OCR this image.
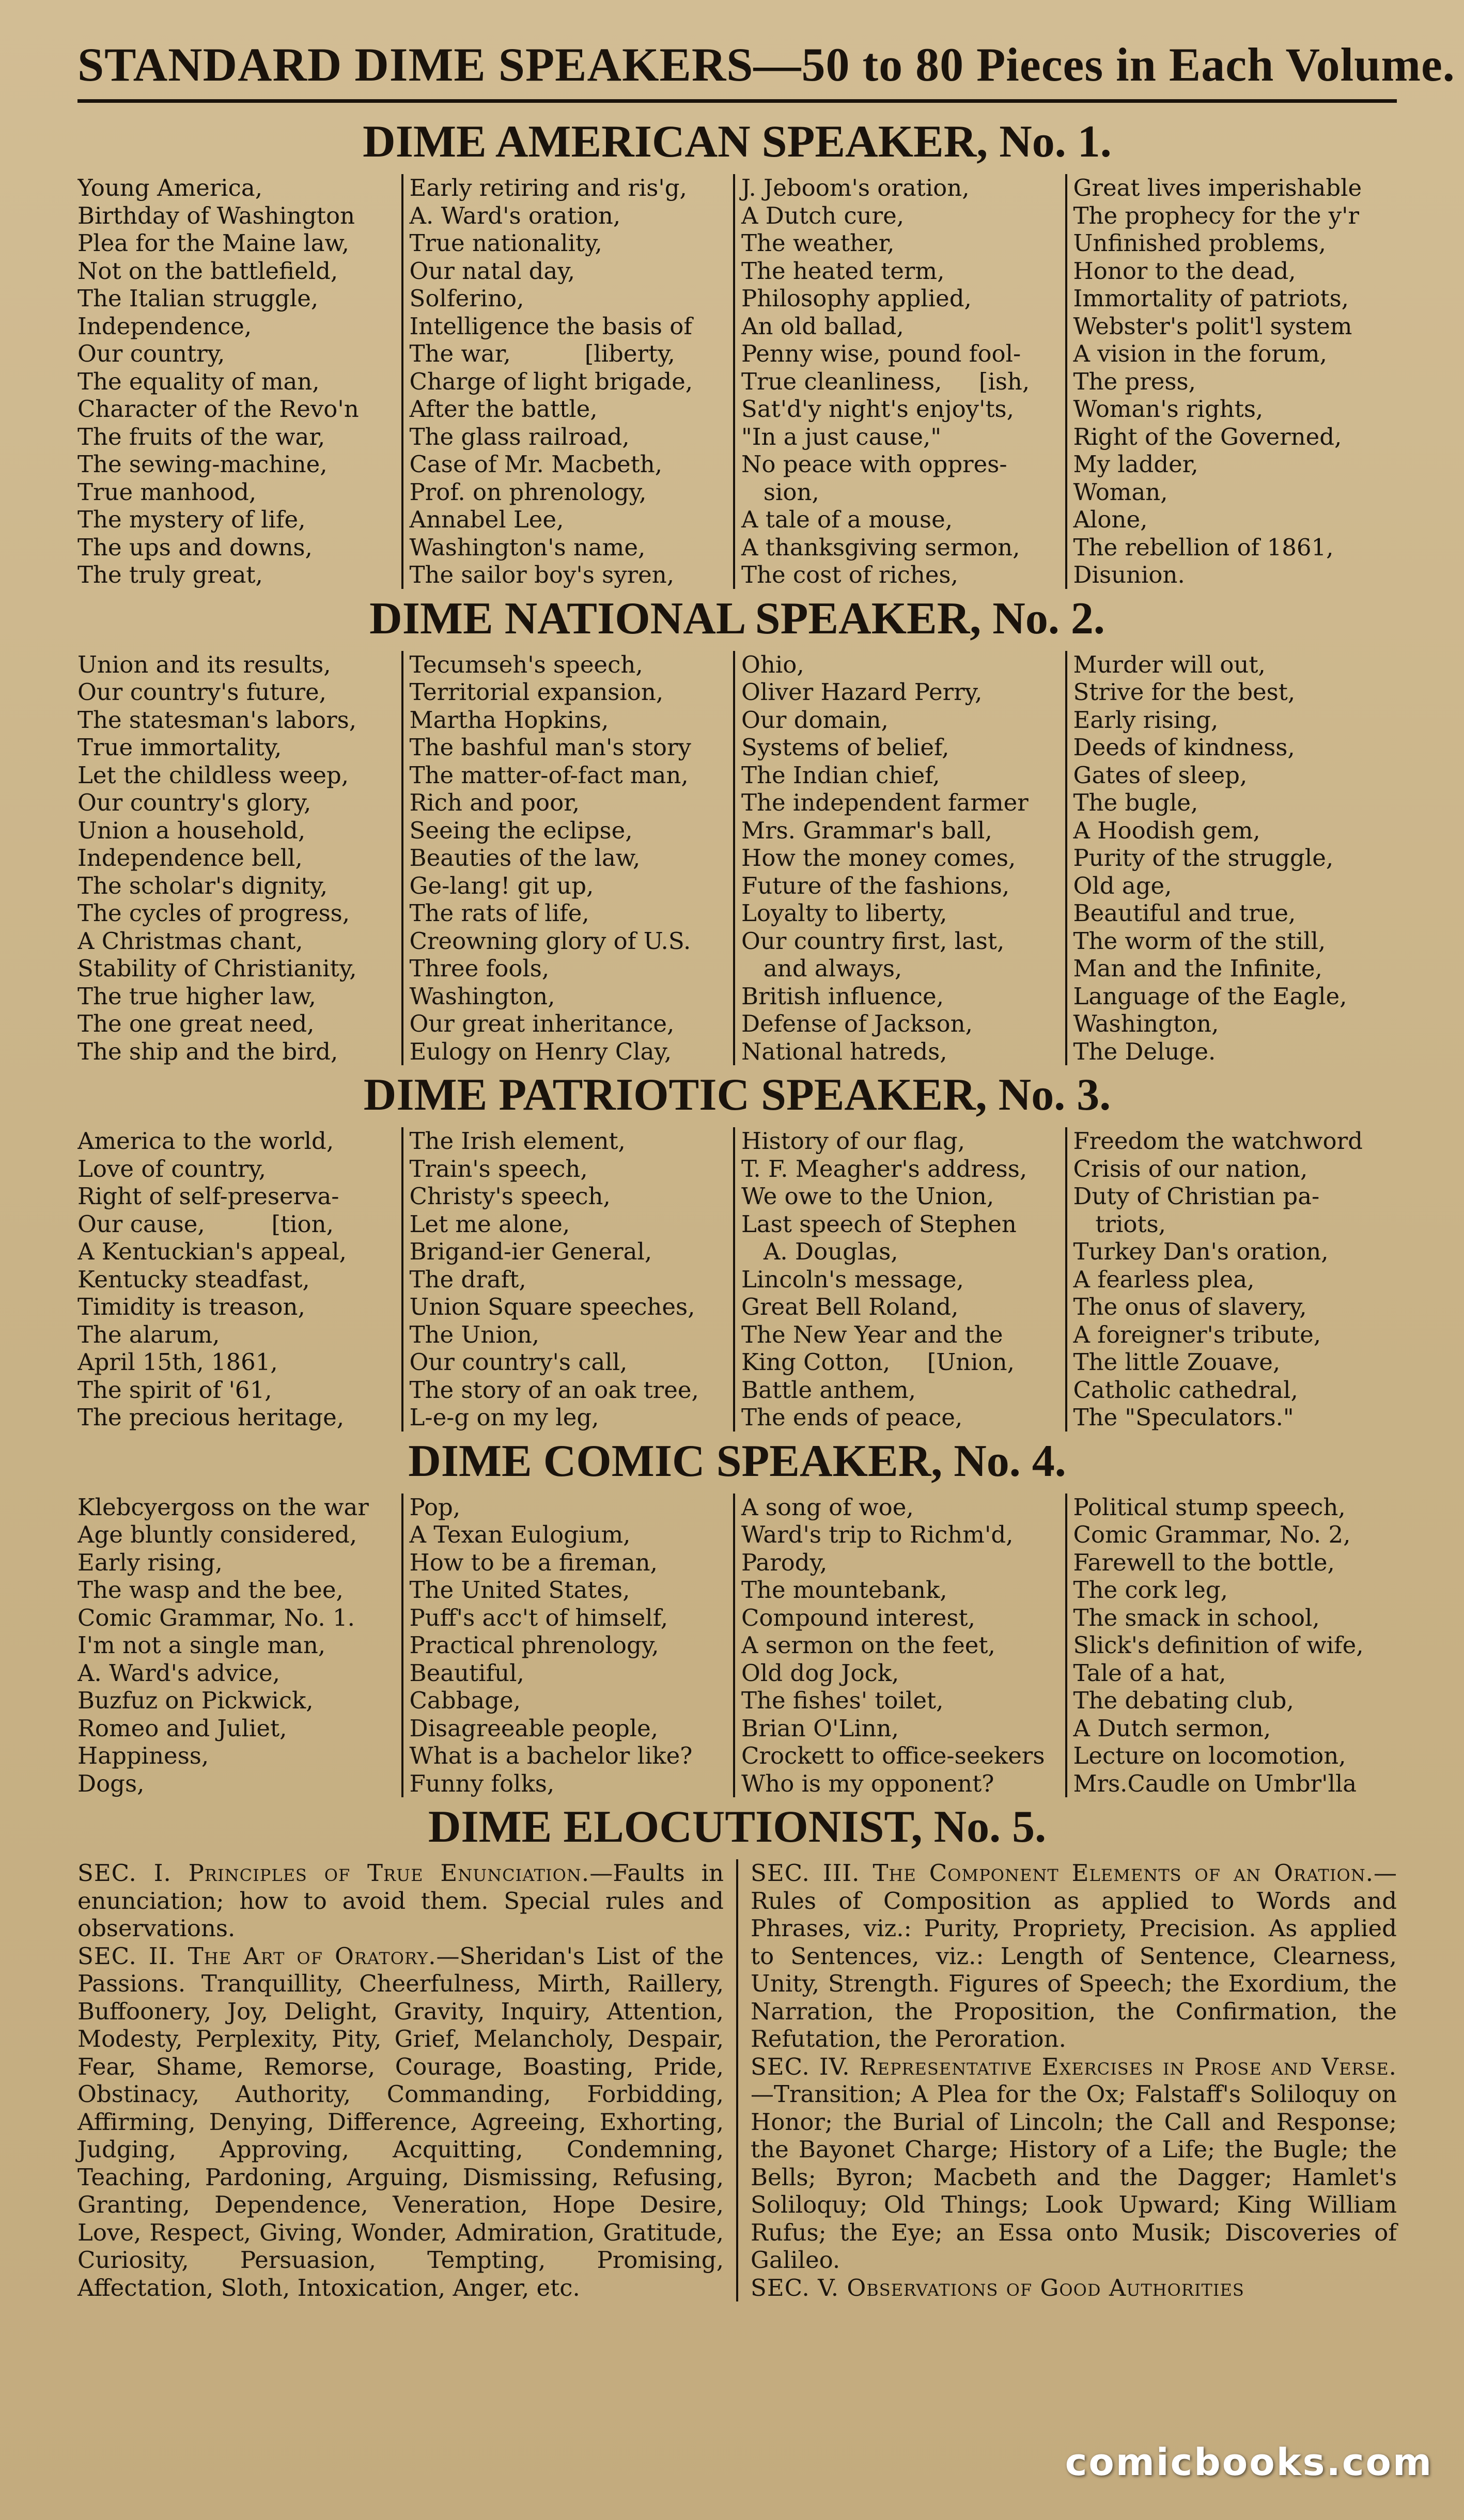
STANDARD DIME SPEAKERS—50 to 80 Pieces in Each Volume.
DIME AMERICAN SPEAKER, No. 1.
Young America,
Birthday of Washington
Plea for the Maine law,
Not on the battlefield,
The Italian struggle,
Independence,
Our country,
The equality of man,
Character of the Revo'n
The fruits of the war,
The sewing-machine,
True manhood,
The mystery of life,
The ups and downs,
The truly great,
Early retiring and ris'g,
A. Ward's oration,
True nationality,
Our natal day,
Solferino,
Intelligence the basis of
The war,          [liberty,
Charge of light brigade,
After the battle,
The glass railroad,
Case of Mr. Macbeth,
Prof. on phrenology,
Annabel Lee,
Washington's name,
The sailor boy's syren,
J. Jeboom's oration,
A Dutch cure,
The weather,
The heated term,
Philosophy applied,
An old ballad,
Penny wise, pound fool-
True cleanliness,     [ish,
Sat'd'y night's enjoy'ts,
"In a just cause,"
No peace with oppres-
sion,
A tale of a mouse,
A thanksgiving sermon,
The cost of riches,
Great lives imperishable
The prophecy for the y'r
Unfinished problems,
Honor to the dead,
Immortality of patriots,
Webster's polit'l system
A vision in the forum,
The press,
Woman's rights,
Right of the Governed,
My ladder,
Woman,
Alone,
The rebellion of 1861,
Disunion.
DIME NATIONAL SPEAKER, No. 2.
Union and its results,
Our country's future,
The statesman's labors,
True immortality,
Let the childless weep,
Our country's glory,
Union a household,
Independence bell,
The scholar's dignity,
The cycles of progress,
A Christmas chant,
Stability of Christianity,
The true higher law,
The one great need,
The ship and the bird,
Tecumseh's speech,
Territorial expansion,
Martha Hopkins,
The bashful man's story
The matter-of-fact man,
Rich and poor,
Seeing the eclipse,
Beauties of the law,
Ge-lang! git up,
The rats of life,
Creowning glory of U.S.
Three fools,
Washington,
Our great inheritance,
Eulogy on Henry Clay,
Ohio,
Oliver Hazard Perry,
Our domain,
Systems of belief,
The Indian chief,
The independent farmer
Mrs. Grammar's ball,
How the money comes,
Future of the fashions,
Loyalty to liberty,
Our country first, last,
and always,
British influence,
Defense of Jackson,
National hatreds,
Murder will out,
Strive for the best,
Early rising,
Deeds of kindness,
Gates of sleep,
The bugle,
A Hoodish gem,
Purity of the struggle,
Old age,
Beautiful and true,
The worm of the still,
Man and the Infinite,
Language of the Eagle,
Washington,
The Deluge.
DIME PATRIOTIC SPEAKER, No. 3.
America to the world,
Love of country,
Right of self-preserva-
Our cause,         [tion,
A Kentuckian's appeal,
Kentucky steadfast,
Timidity is treason,
The alarum,
April 15th, 1861,
The spirit of '61,
The precious heritage,
The Irish element,
Train's speech,
Christy's speech,
Let me alone,
Brigand-ier General,
The draft,
Union Square speeches,
The Union,
Our country's call,
The story of an oak tree,
L-e-g on my leg,
History of our flag,
T. F. Meagher's address,
We owe to the Union,
Last speech of Stephen
A. Douglas,
Lincoln's message,
Great Bell Roland,
The New Year and the
King Cotton,     [Union,
Battle anthem,
The ends of peace,
Freedom the watchword
Crisis of our nation,
Duty of Christian pa-
triots,
Turkey Dan's oration,
A fearless plea,
The onus of slavery,
A foreigner's tribute,
The little Zouave,
Catholic cathedral,
The "Speculators."
DIME COMIC SPEAKER, No. 4.
Klebcyergoss on the war
Age bluntly considered,
Early rising,
The wasp and the bee,
Comic Grammar, No. 1.
I'm not a single man,
A. Ward's advice,
Buzfuz on Pickwick,
Romeo and Juliet,
Happiness,
Dogs,
Pop,
A Texan Eulogium,
How to be a fireman,
The United States,
Puff's acc't of himself,
Practical phrenology,
Beautiful,
Cabbage,
Disagreeable people,
What is a bachelor like?
Funny folks,
A song of woe,
Ward's trip to Richm'd,
Parody,
The mountebank,
Compound interest,
A sermon on the feet,
Old dog Jock,
The fishes' toilet,
Brian O'Linn,
Crockett to office-seekers
Who is my opponent?
Political stump speech,
Comic Grammar, No. 2,
Farewell to the bottle,
The cork leg,
The smack in school,
Slick's definition of wife,
Tale of a hat,
The debating club,
A Dutch sermon,
Lecture on locomotion,
Mrs.Caudle on Umbr'lla
DIME ELOCUTIONIST, No. 5.
SEC. I. Principles of True Enunciation.—Faults in enunciation; how to avoid them. Special rules and observations.
SEC. II. The Art of Oratory.—Sheridan's List of the Passions. Tranquillity, Cheerfulness, Mirth, Raillery, Buffoonery, Joy, Delight, Gravity, Inquiry, Attention, Modesty, Perplexity, Pity, Grief, Melancholy, Despair, Fear, Shame, Remorse, Courage, Boasting, Pride, Obstinacy, Authority, Commanding, Forbidding, Affirming, Denying, Difference, Agreeing, Exhorting, Judging, Approving, Acquitting, Condemning, Teaching, Pardoning, Arguing, Dismissing, Refusing, Granting, Dependence, Veneration, Hope Desire, Love, Respect, Giving, Wonder, Admiration, Gratitude, Curiosity, Persuasion, Tempting, Promising, Affectation, Sloth, Intoxication, Anger, etc.
SEC. III. The Component Elements of an Oration.—Rules of Composition as applied to Words and Phrases, viz.: Purity, Propriety, Precision. As applied to Sentences, viz.: Length of Sentence, Clearness, Unity, Strength. Figures of Speech; the Exordium, the Narration, the Proposition, the Confirmation, the Refutation, the Peroration.
SEC. IV. Representative Exercises in Prose and Verse.—Transition; A Plea for the Ox; Falstaff's Soliloquy on Honor; the Burial of Lincoln; the Call and Response; the Bayonet Charge; History of a Life; the Bugle; the Bells; Byron; Macbeth and the Dagger; Hamlet's Soliloquy; Old Things; Look Upward; King William Rufus; the Eye; an Essa onto Musik; Discoveries of Galileo.
SEC. V. Observations of Good Authorities
comicbooks.com
